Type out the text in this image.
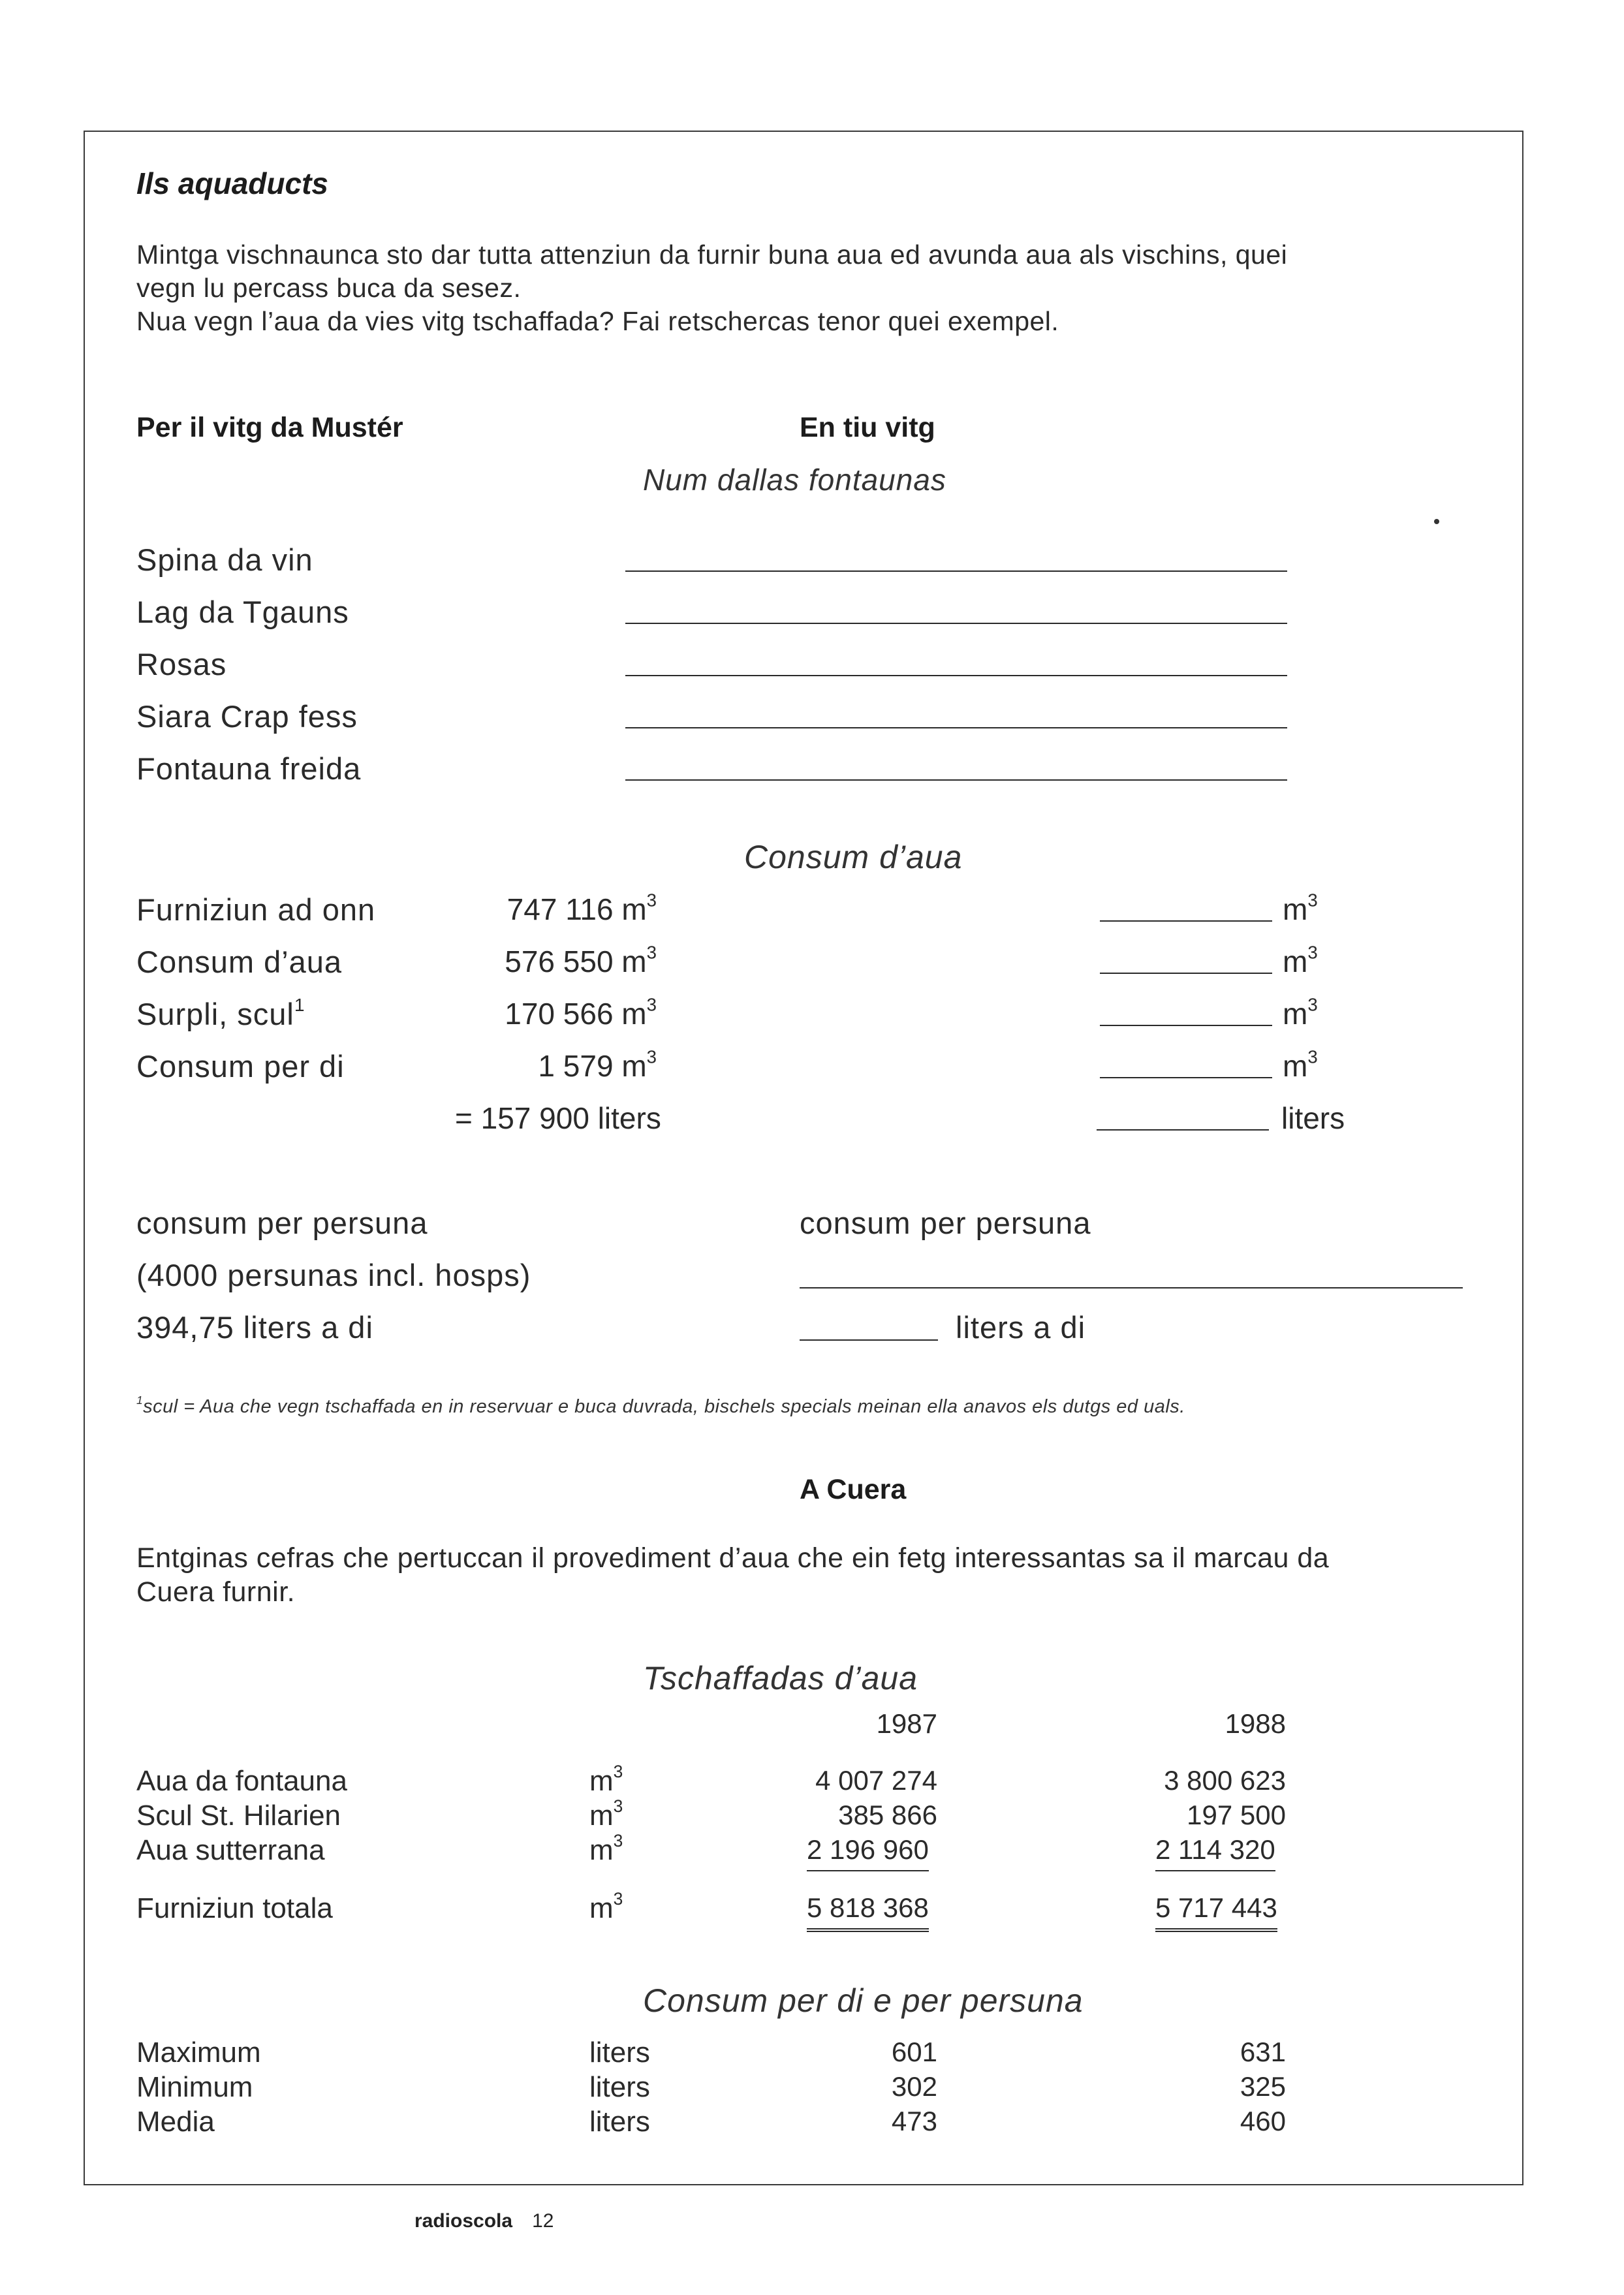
Ils aquaducts
Mintga vischnaunca sto dar tutta attenziun da furnir buna aua ed avunda aua als vischins, quei
vegn lu percass buca da sesez.
Nua vegn l’aua da vies vitg tschaffada? Fai retschercas tenor quei exempel.
Per il vitg da Mustér	En tiu vitg
Num dallas fontaunas
Spina da vin
Lag da Tgauns
Rosas
Siara Crap fess
Fontauna freida
Consum d’aua
Furniziun ad onn
Consum d’aua
Surpli, scul$^1$
Consum per di
747 116 $m^3$
576 550 $m^3$
170 566 $m^3$
1 579 $m^3$
= 157 900 liters
$m^3$
$m^3$
$m^3$
$m^3$
liters
consum per persuna
(4000 persunas incl. hosps)
394,75 liters a di
consum per persuna
liters a di
$^1$scul = Aua che vegn tschaffada en in reservuar e buca duvrada, bischels specials meinan ella anavos els dutgs ed uals.
A Cuera
Entginas cefras che pertuccan il provediment d’aua che ein fetg interessantas sa il marcau da
Cuera furnir.
Tschaffadas d’aua
1987	1988
Aua da fontauna
Scul St. Hilarien
Aua sutterrana
Furniziun totala
$m^3$
$m^3$
$m^3$
$m^3$
4 007 274
385 866
2 196 960
5 818 368
3 800 623
197 500
2 114 320
5 717 443
Consum per di e per persuna
Maximum
Minimum
Media
liters
liters
liters
601
302
473
631
325
460
radioscola 12
